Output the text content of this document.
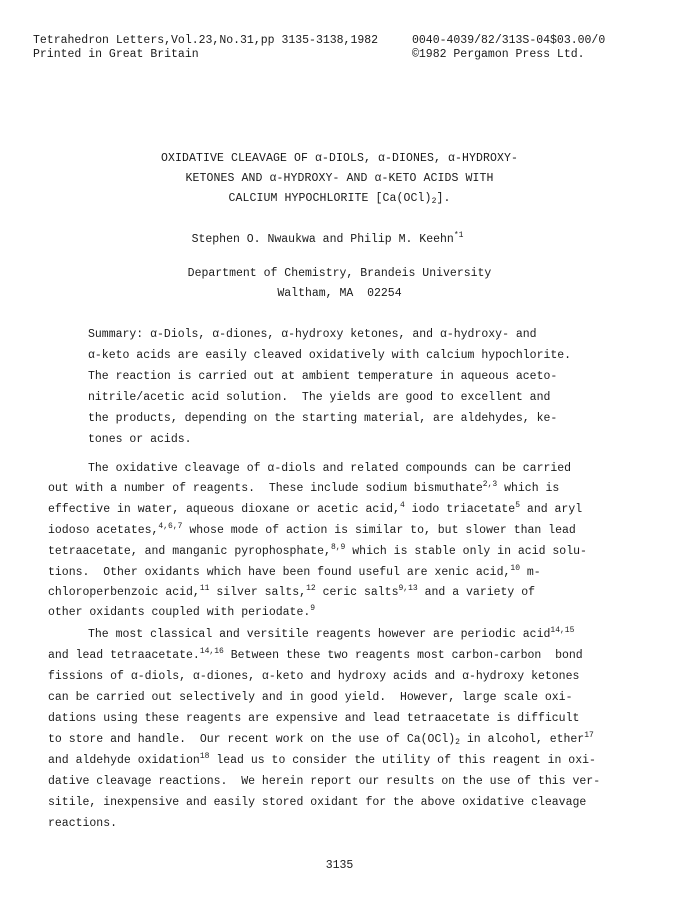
Tetrahedron Letters,Vol.23,No.31,pp 3135-3138,1982	0040-4039/82/313S-04$03.00/0
Printed in Great Britain	©1982 Pergamon Press Ltd.
OXIDATIVE CLEAVAGE OF α-DIOLS, α-DIONES, α-HYDROXY-
KETONES AND α-HYDROXY- AND α-KETO ACIDS WITH
CALCIUM HYPOCHLORITE $[Ca(OCl)_2]$.
Stephen O. Nwaukwa and Philip M. Keehn$^{*1}$
Department of Chemistry, Brandeis University
Waltham, MA  02254
Summary: α-Diols, α-diones, α-hydroxy ketones, and α-hydroxy- and
α-keto acids are easily cleaved oxidatively with calcium hypochlorite.
The reaction is carried out at ambient temperature in aqueous aceto-
nitrile/acetic acid solution.  The yields are good to excellent and
the products, depending on the starting material, are aldehydes, ke-
tones or acids.
The oxidative cleavage of α-diols and related compounds can be carried
out with a number of reagents.  These include sodium bismuthate$^{2,3}$ which is
effective in water, aqueous dioxane or acetic acid,$^4$ iodo triacetate$^5$ and aryl
iodoso acetates,$^{4,6,7}$ whose mode of action is similar to, but slower than lead
tetraacetate, and manganic pyrophosphate,$^{8,9}$ which is stable only in acid solu-
tions.  Other oxidants which have been found useful are xenic acid,$^{10}$ m-
chloroperbenzoic acid,$^{11}$ silver salts,$^{12}$ ceric salts$^{9,13}$ and a variety of
other oxidants coupled with periodate.$^9$
The most classical and versitile reagents however are periodic acid$^{14,15}$
and lead tetraacetate.$^{14,16}$ Between these two reagents most carbon-carbon  bond
fissions of α-diols, α-diones, α-keto and hydroxy acids and α-hydroxy ketones
can be carried out selectively and in good yield.  However, large scale oxi-
dations using these reagents are expensive and lead tetraacetate is difficult
to store and handle.  Our recent work on the use of $Ca(OCl)_2$ in alcohol, ether$^{17}$
and aldehyde oxidation$^{18}$ lead us to consider the utility of this reagent in oxi-
dative cleavage reactions.  We herein report our results on the use of this ver-
sitile, inexpensive and easily stored oxidant for the above oxidative cleavage
reactions.
3135
